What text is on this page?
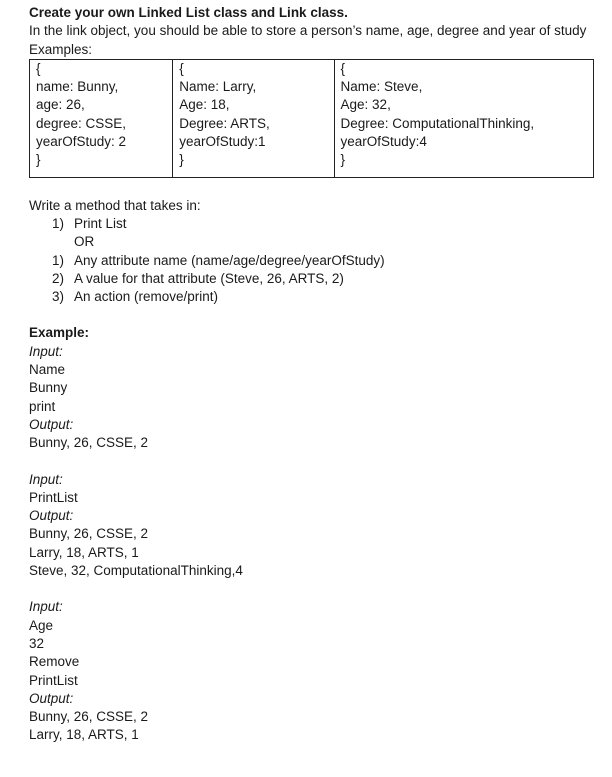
Create your own Linked List class and Link class.

In the link object, you should be able to store a person’s name, age, degree and year of study

Examples:

{
name: Bunny,
age: 26,
degree: CSSE,
yearOfStudy: 2
}

{
Name: Larry,
Age: 18,
Degree: ARTS,
yearOfStudy:1
}

{
Name: Steve,
Age: 32,
Degree: ComputationalThinking,
yearOfStudy:4
}

Write a method that takes in:

1) Print List
OR
1) Any attribute name (name/age/degree/yearOfStudy)
2) A value for that attribute (Steve, 26, ARTS, 2)
3) An action (remove/print)

Example:

Input:
Name
Bunny
print
Output:
Bunny, 26, CSSE, 2
Input:
PrintList
Output:
Bunny, 26, CSSE, 2
Larry, 18, ARTS, 1
Steve, 32, ComputationalThinking,4
Input:
Age
32
Remove
PrintList
Output:
Bunny, 26, CSSE, 2
Larry, 18, ARTS, 1
